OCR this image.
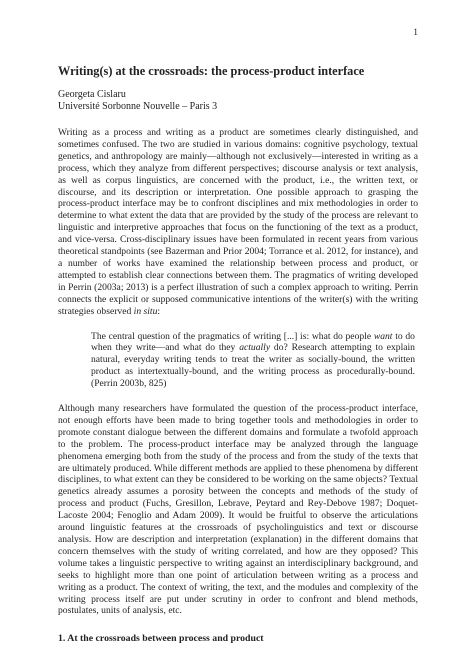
1
Writing(s) at the crossroads: the process-product interface
Georgeta Cislaru
Université Sorbonne Nouvelle – Paris 3

Writing as a process and writing as a product are sometimes clearly distinguished, and sometimes confused. The two are studied in various domains: cognitive psychology, textual genetics, and anthropology are mainly—although not exclusively—interested in writing as a process, which they analyze from different perspectives; discourse analysis or text analysis, as well as corpus linguistics, are concerned with the product, i.e., the written text, or discourse, and its description or interpretation. One possible approach to grasping the process-product interface may be to confront disciplines and mix methodologies in order to determine to what extent the data that are provided by the study of the process are relevant to linguistic and interpretive approaches that focus on the functioning of the text as a product, and vice-versa. Cross-disciplinary issues have been formulated in recent years from various theoretical standpoints (see Bazerman and Prior 2004; Torrance et al. 2012, for instance), and a number of works have examined the relationship between process and product, or attempted to establish clear connections between them. The pragmatics of writing developed in Perrin (2003a; 2013) is a perfect illustration of such a complex approach to writing. Perrin connects the explicit or supposed communicative intentions of the writer(s) with the writing strategies observed in situ:

The central question of the pragmatics of writing [...] is: what do people want to do when they write—and what do they actually do? Research attempting to explain natural, everyday writing tends to treat the writer as socially-bound, the written product as intertextually-bound, and the writing process as procedurally-bound. (Perrin 2003b, 825)

Although many researchers have formulated the question of the process-product interface, not enough efforts have been made to bring together tools and methodologies in order to promote constant dialogue between the different domains and formulate a twofold approach to the problem. The process-product interface may be analyzed through the language phenomena emerging both from the study of the process and from the study of the texts that are ultimately produced. While different methods are applied to these phenomena by different disciplines, to what extent can they be considered to be working on the same objects? Textual genetics already assumes a porosity between the concepts and methods of the study of process and product (Fuchs, Gresillon, Lebrave, Peytard and Rey-Debove 1987; Doquet-Lacoste 2004; Fenoglio and Adam 2009). It would be fruitful to observe the articulations around linguistic features at the crossroads of psycholinguistics and text or discourse analysis. How are description and interpretation (explanation) in the different domains that concern themselves with the study of writing correlated, and how are they opposed? This volume takes a linguistic perspective to writing against an interdisciplinary background, and seeks to highlight more than one point of articulation between writing as a process and writing as a product. The context of writing, the text, and the modules and complexity of the writing process itself are put under scrutiny in order to confront and blend methods, postulates, units of analysis, etc.

1. At the crossroads between process and product
